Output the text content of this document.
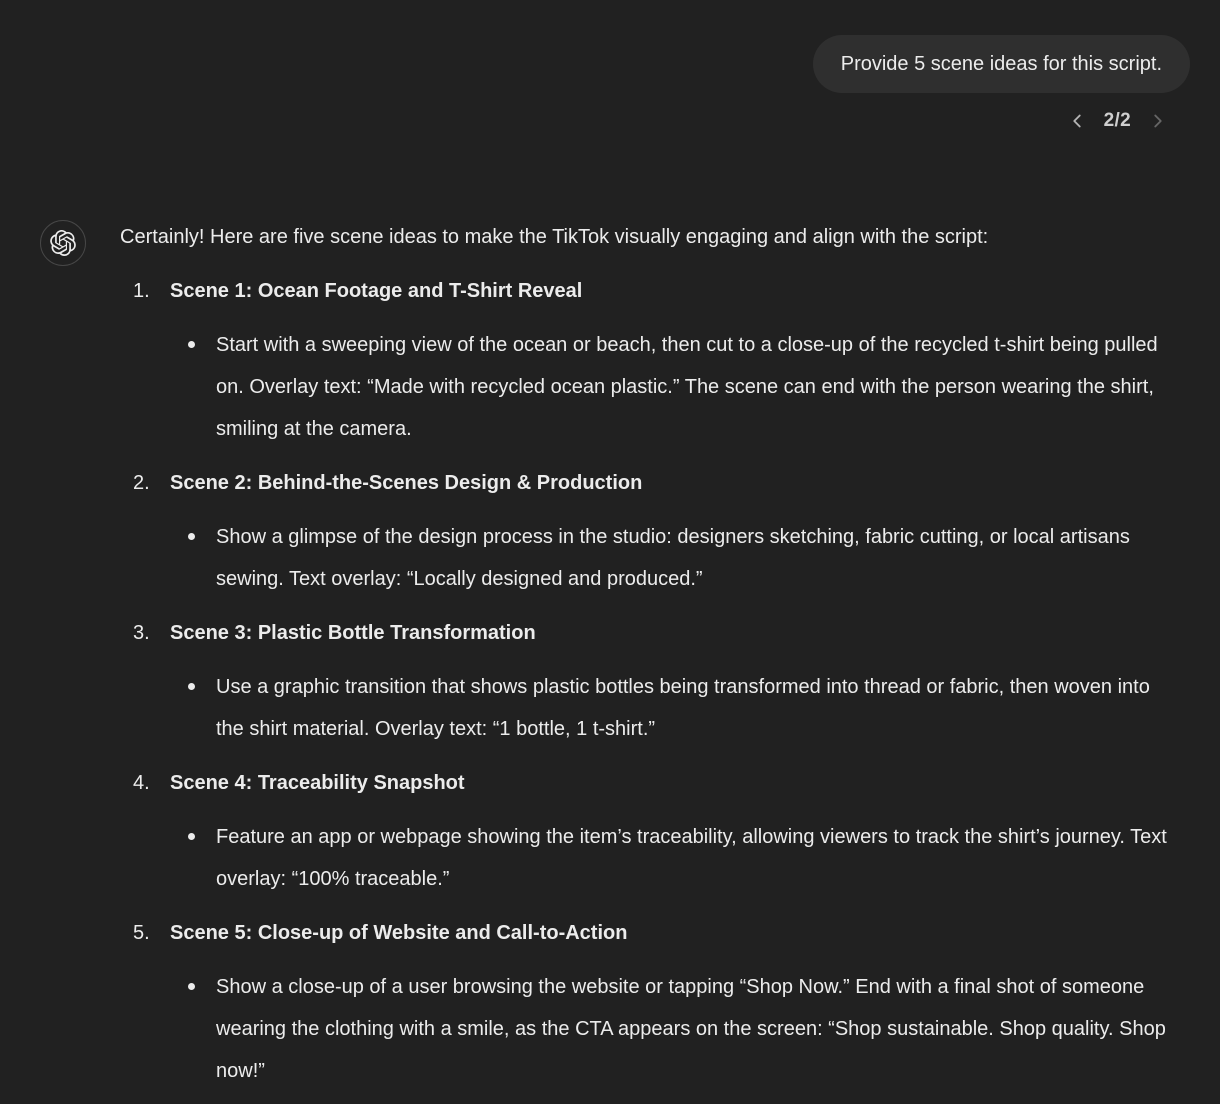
Provide 5 scene ideas for this script.
2/2

Certainly! Here are five scene ideas to make the TikTok visually engaging and align with the script:

1.	Scene 1: Ocean Footage and T-Shirt Reveal
Start with a sweeping view of the ocean or beach, then cut to a close-up of the recycled t-shirt being pulled on. Overlay text: “Made with recycled ocean plastic.” The scene can end with the person wearing the shirt, smiling at the camera.
2.	Scene 2: Behind-the-Scenes Design & Production
Show a glimpse of the design process in the studio: designers sketching, fabric cutting, or local artisans sewing. Text overlay: “Locally designed and produced.”
3.	Scene 3: Plastic Bottle Transformation
Use a graphic transition that shows plastic bottles being transformed into thread or fabric, then woven into the shirt material. Overlay text: “1 bottle, 1 t-shirt.”
4.	Scene 4: Traceability Snapshot
Feature an app or webpage showing the item’s traceability, allowing viewers to track the shirt’s journey. Text overlay: “100% traceable.”
5.	Scene 5: Close-up of Website and Call-to-Action
Show a close-up of a user browsing the website or tapping “Shop Now.” End with a final shot of someone wearing the clothing with a smile, as the CTA appears on the screen: “Shop sustainable. Shop quality. Shop now!”
